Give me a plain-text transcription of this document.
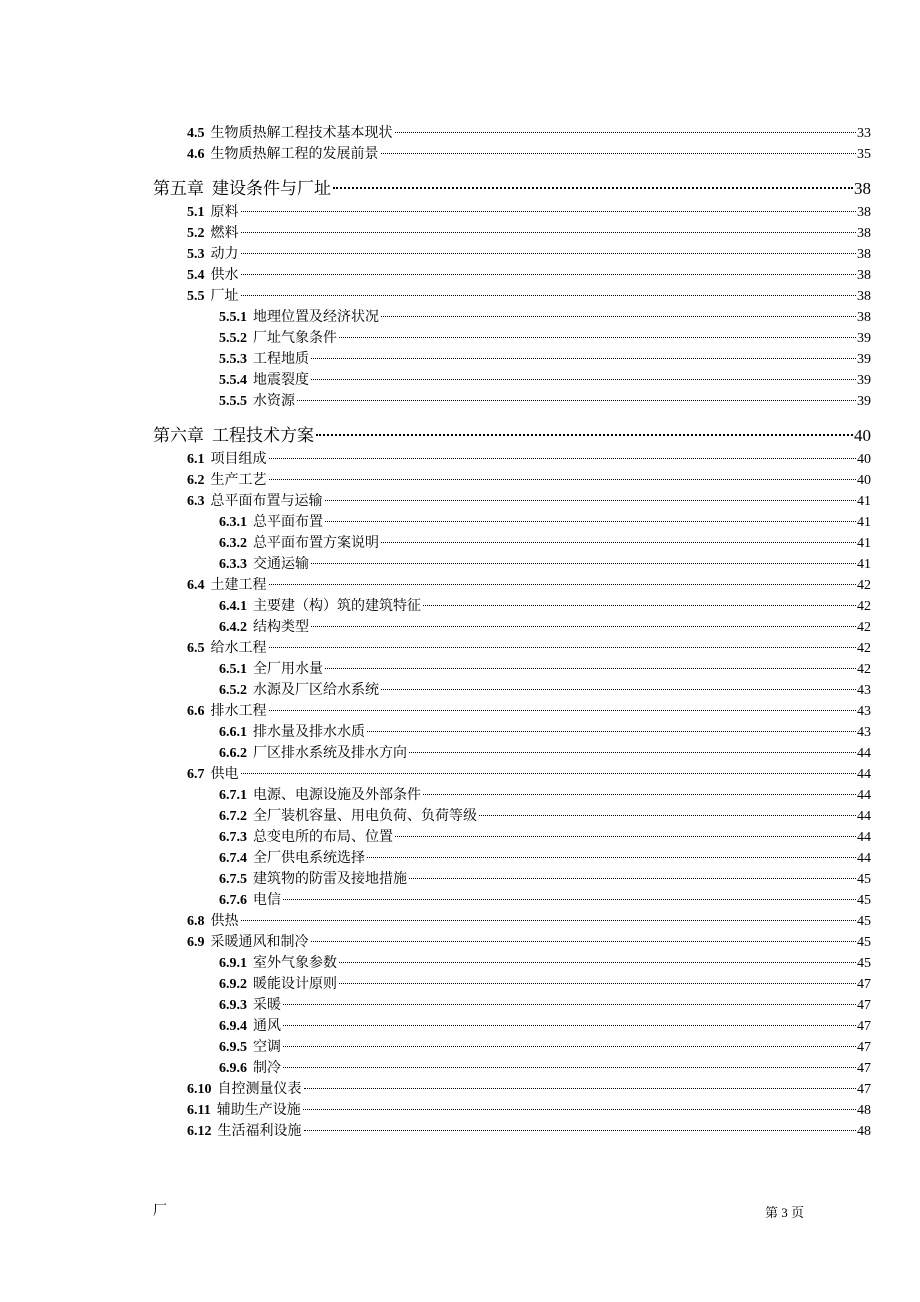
4.5 生物质热解工程技术基本现状	33
4.6 生物质热解工程的发展前景	35
第五章 建设条件与厂址	38
5.1 原料	38
5.2 燃料	38
5.3 动力	38
5.4 供水	38
5.5 厂址	38
5.5.1 地理位置及经济状况	38
5.5.2 厂址气象条件	39
5.5.3 工程地质	39
5.5.4 地震裂度	39
5.5.5 水资源	39
第六章 工程技术方案	40
6.1 项目组成	40
6.2 生产工艺	40
6.3 总平面布置与运输	41
6.3.1 总平面布置	41
6.3.2 总平面布置方案说明	41
6.3.3 交通运输	41
6.4 土建工程	42
6.4.1 主要建（构）筑的建筑特征	42
6.4.2 结构类型	42
6.5 给水工程	42
6.5.1 全厂用水量	42
6.5.2 水源及厂区给水系统	43
6.6 排水工程	43
6.6.1 排水量及排水水质	43
6.6.2 厂区排水系统及排水方向	44
6.7 供电	44
6.7.1 电源、电源设施及外部条件	44
6.7.2 全厂装机容量、用电负荷、负荷等级	44
6.7.3 总变电所的布局、位置	44
6.7.4 全厂供电系统选择	44
6.7.5 建筑物的防雷及接地措施	45
6.7.6 电信	45
6.8 供热	45
6.9 采暖通风和制冷	45
6.9.1 室外气象参数	45
6.9.2 暖能设计原则	47
6.9.3 采暖	47
6.9.4 通风	47
6.9.5 空调	47
6.9.6 制冷	47
6.10 自控测量仪表	47
6.11 辅助生产设施	48
6.12 生活福利设施	48
厂	第 3 页
